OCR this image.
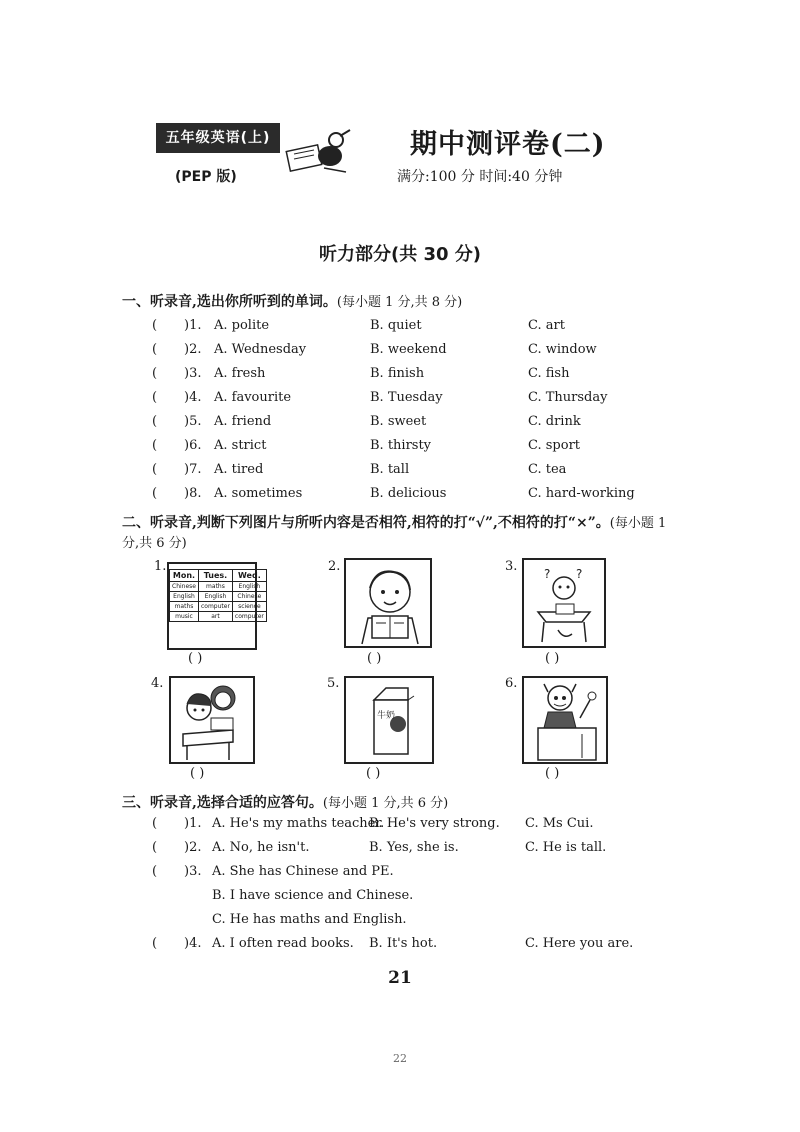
五年级英语(上)
(PEP 版)
期中测评卷(二)
满分:100 分 时间:40 分钟
听力部分(共 30 分)
一、听录音,选出你所听到的单词。(每小题 1 分,共 8 分)
( )1. A. polite	B. quiet	C. art
( )2. A. Wednesday	B. weekend	C. window
( )3. A. fresh	B. finish	C. fish
( )4. A. favourite	B. Tuesday	C. Thursday
( )5. A. friend	B. sweet	C. drink
( )6. A. strict	B. thirsty	C. sport
( )7. A. tired	B. tall	C. tea
( )8. A. sometimes	B. delicious	C. hard-working
二、听录音,判断下列图片与所听内容是否相符,相符的打“√”,不相符的打“×”。(每小题 1
分,共 6 分)
1.
Mon.	Tues.	Wed.
Chinese	maths	English
English	English	Chinese
maths	computer	science
music	art	computer
( )
2.
( )
3. ? ?
( )
4.
( )
5.
牛奶
( )
6.
( )
三、听录音,选择合适的应答句。(每小题 1 分,共 6 分)
( )1. A. He's my maths teacher.
B. He's very strong. C. Ms Cui.
( )2. A. No, he isn't.	B. Yes, she is.	C. He is tall.
( )3. A. She has Chinese and PE.
B. I have science and Chinese.
C. He has maths and English.
( )4. A. I often read books. B. It's hot.	C. Here you are.
21
22
